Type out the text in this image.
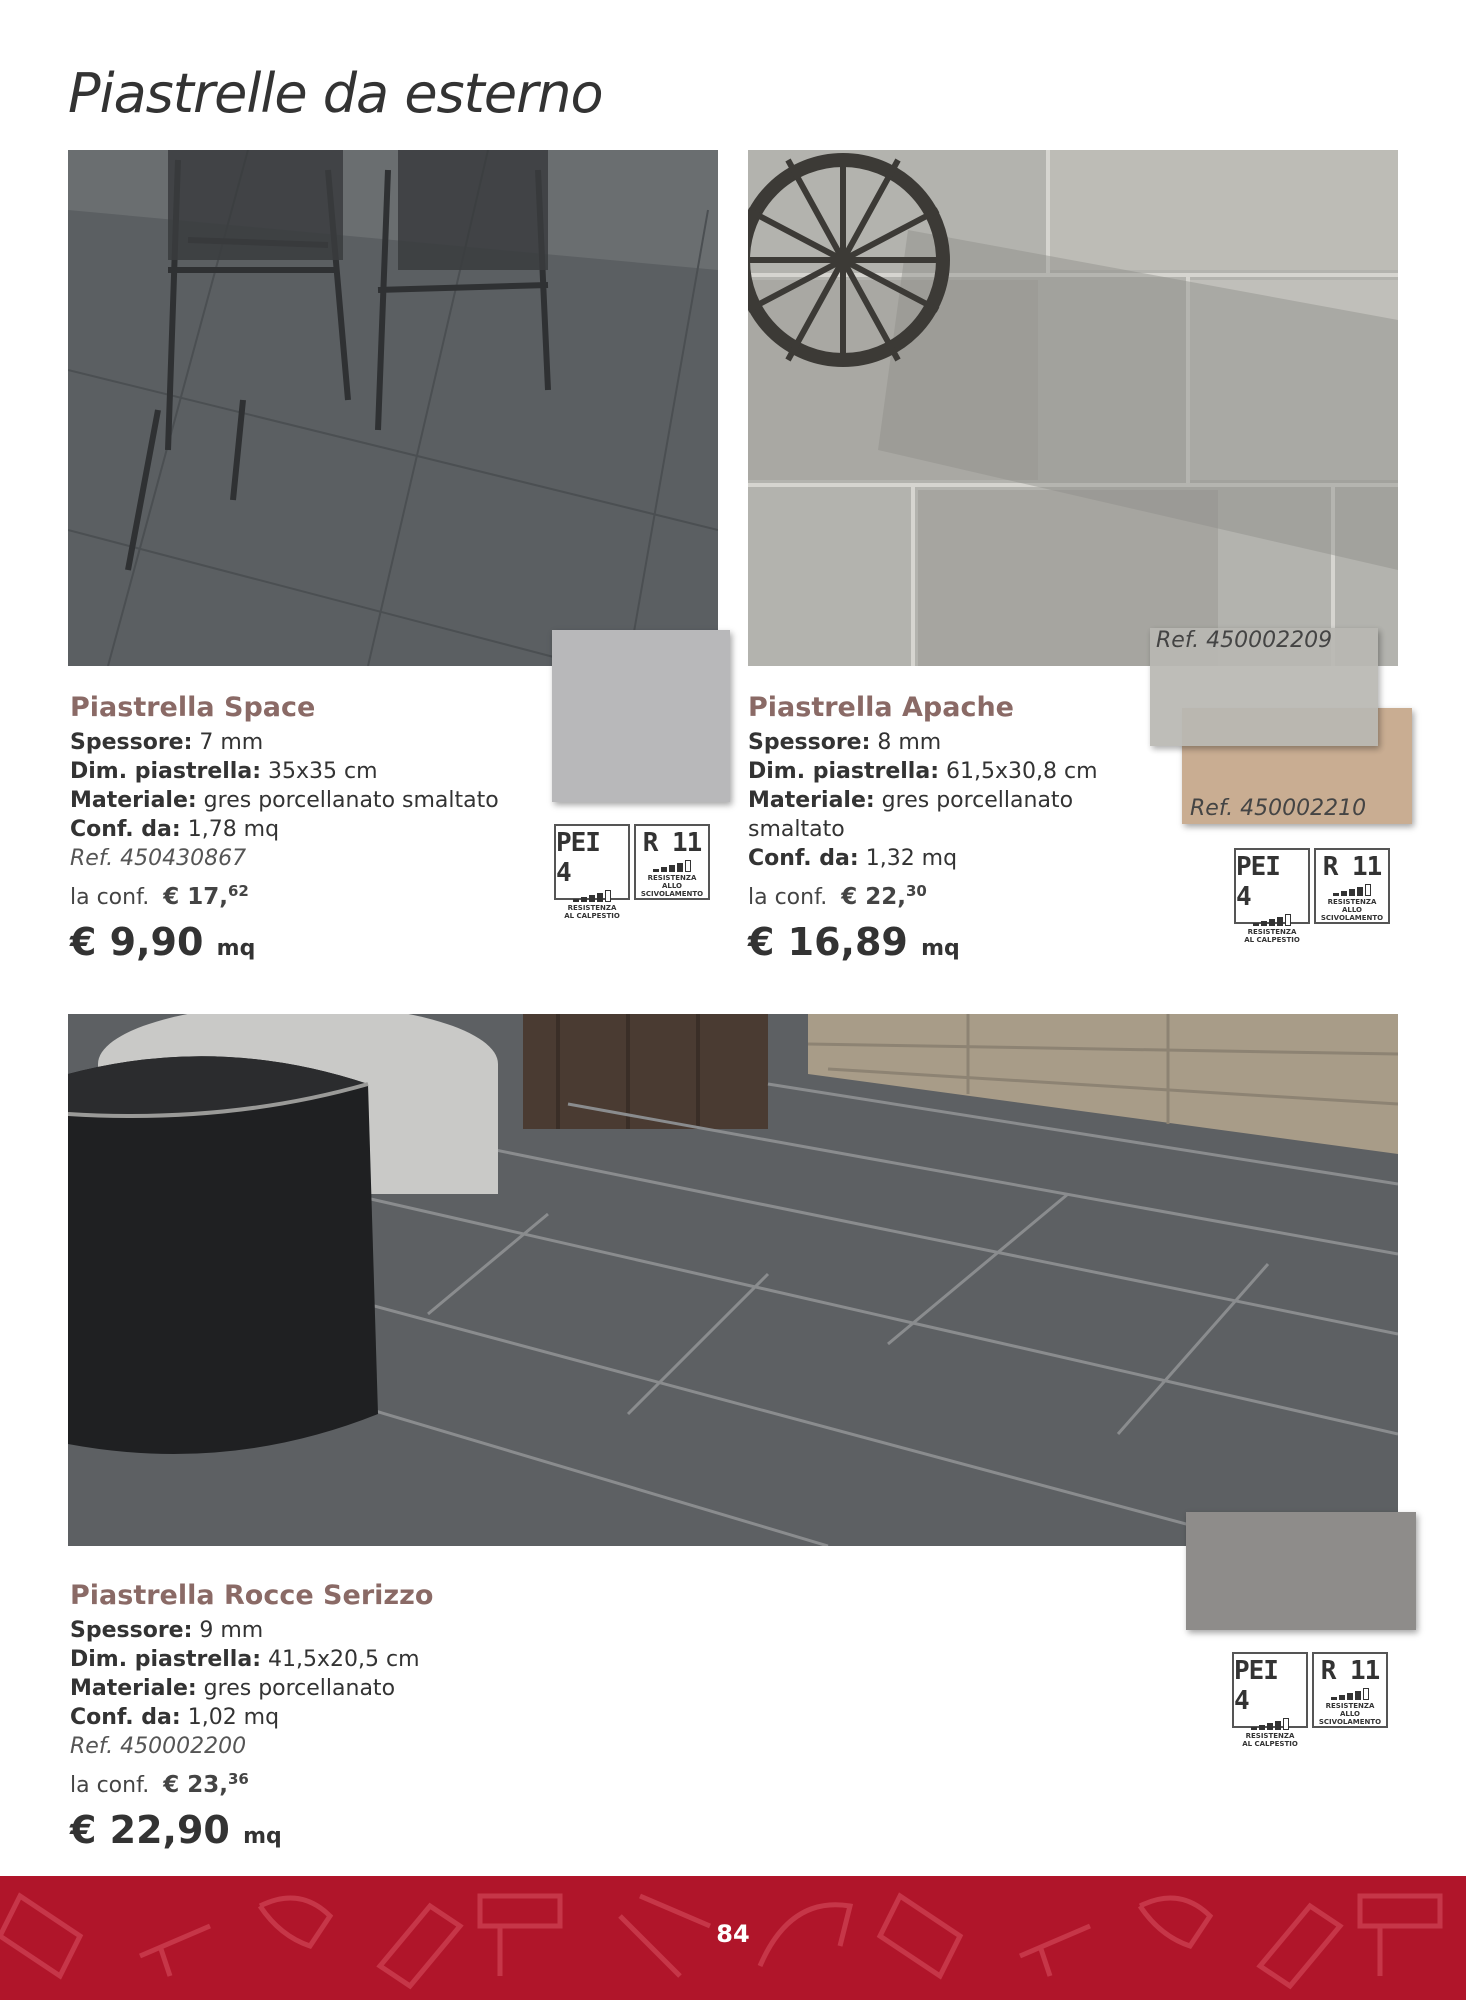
Piastrelle da esterno
Ref. 450002209
Ref. 450002210
Piastrella Space
Spessore: 7 mm
Dim. piastrella: 35x35 cm
Materiale: gres porcellanato smaltato
Conf. da: 1,78 mq
Ref. 450430867
la conf. € 17,62
€ 9,90 mq
Piastrella Apache
Spessore: 8 mm
Dim. piastrella: 61,5x30,8 cm
Materiale: gres porcellanato
smaltato
Conf. da: 1,32 mq
la conf. € 22,30
€ 16,89 mq
Piastrella Rocce Serizzo
Spessore: 9 mm
Dim. piastrella: 41,5x20,5 cm
Materiale: gres porcellanato
Conf. da: 1,02 mq
Ref. 450002200
la conf. € 23,36
€ 22,90 mq
PEI 4
RESISTENZA
AL CALPESTIO
R 11
RESISTENZA
ALLO SCIVOLAMENTO
PEI 4
RESISTENZA
AL CALPESTIO
R 11
RESISTENZA
ALLO SCIVOLAMENTO
PEI 4
RESISTENZA
AL CALPESTIO
R 11
RESISTENZA
ALLO SCIVOLAMENTO
84
